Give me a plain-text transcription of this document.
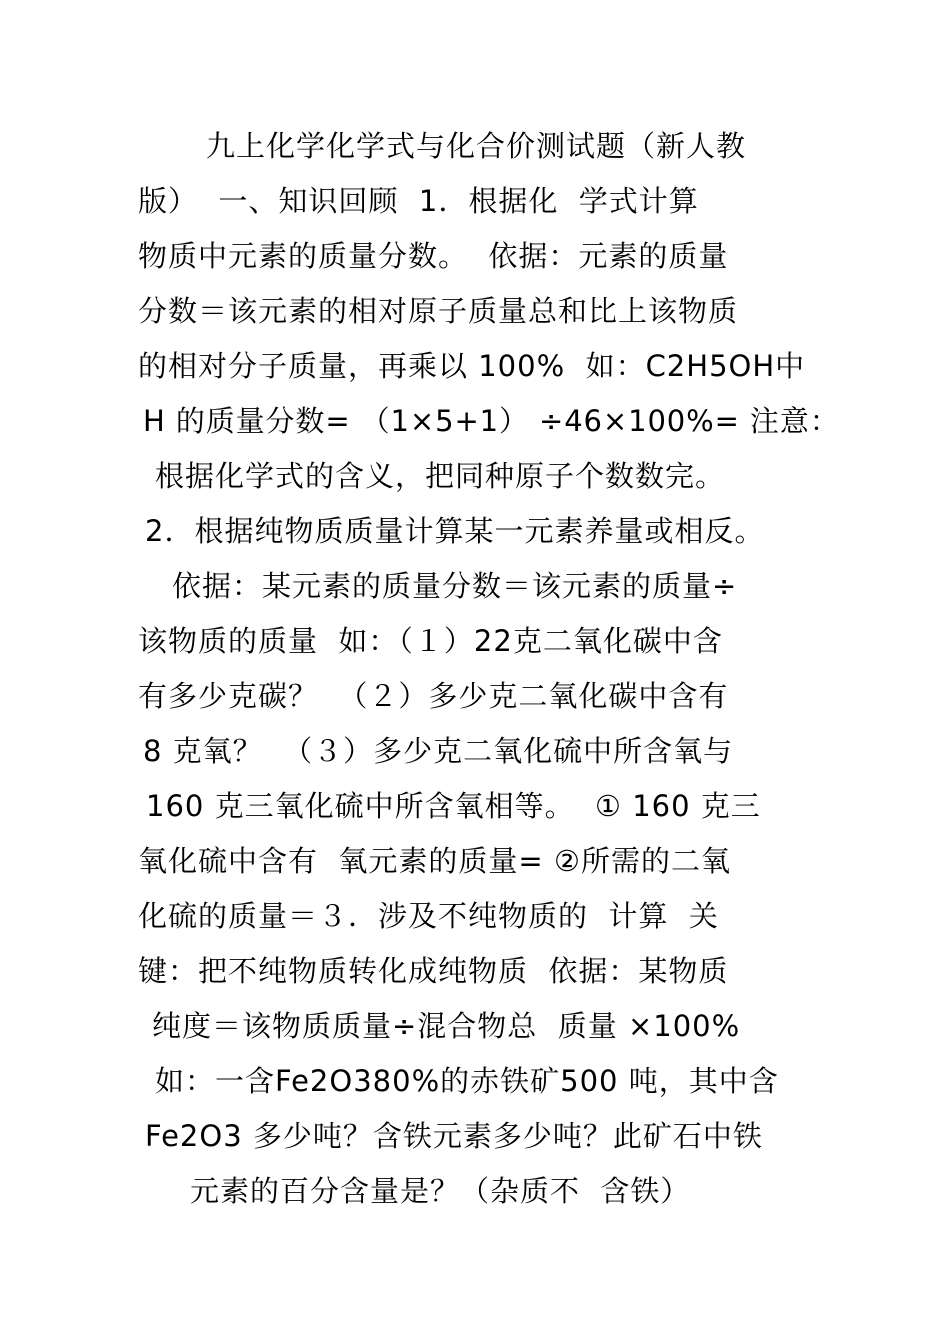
九上化学化学式与化合价测试题（新人教
版）  一、知识回顾  1．根据化  学式计算
物质中元素的质量分数。  依据：元素的质量
分数＝该元素的相对原子质量总和比上该物质
的相对分子质量，再乘以 100%  如：C2H5OH中
H 的质量分数= （1×5+1） ÷46×100%= 注意：
根据化学式的含义，把同种原子个数数完。
2．根据纯物质质量计算某一元素养量或相反。
依据：某元素的质量分数＝该元素的质量÷
该物质的质量  如：（１）22克二氧化碳中含
有多少克碳？  （２）多少克二氧化碳中含有
8 克氧？  （３）多少克二氧化硫中所含氧与
160 克三氧化硫中所含氧相等。  ① 160 克三
氧化硫中含有  氧元素的质量= ②所需的二氧
化硫的质量＝３．涉及不纯物质的  计算  关
键：把不纯物质转化成纯物质  依据：某物质
纯度＝该物质质量÷混合物总  质量 ×100%
如：一含Fe2O380%的赤铁矿500 吨，其中含
Fe2O3 多少吨？含铁元素多少吨？此矿石中铁
元素的百分含量是？（杂质不  含铁）
